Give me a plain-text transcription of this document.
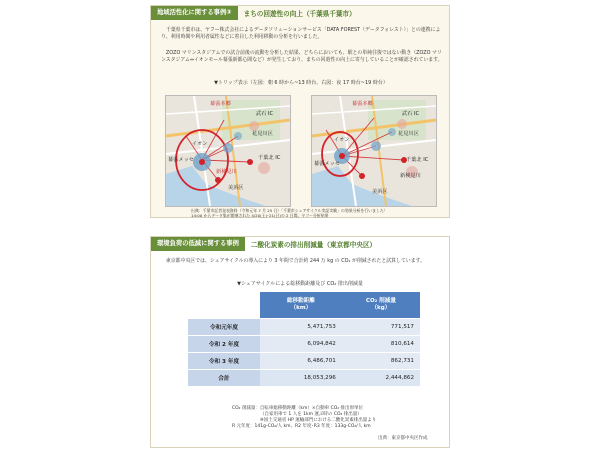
地域活性化に関する事例③	まちの回遊性の向上（千葉県千葉市）

千葉県千葉市は、ヤフー株式会社によるデータソリューションサービス「DATA FOREST（データフォレスト）」との連携により、利用時間や利用者属性などに着目した利用移動の分析を行いました。

ZOZO マリンスタジアムでの試合前後の流動を分析した結果、どちらにおいても、駅との単純往復ではない動き（ZOZO マリンスタジアム⇔イオンモール幕張新都心間など）が発生しており、まちの回遊性の向上に寄与していることが確認されています。

▼トリップ表示（左図：朝 6 時から~13 時台、右図：夜 17 時台~19 時台）
幕張本郷
武石 IC
花見川区
イオン
幕張メッセ	千葉北 IC
新検見川
美浜区
幕張本郷
武石 IC
花見川区
イオン
幕張メッセ
千葉北 IC
新検見川
美浜区
出典：千葉市記者発表資料（令和元年 7 月 25 日）「千葉市シェアサイクル実証実験」の効果分析を行いました！
14:00 からデータ集が開催された 4/20(土)･21(日)の 2 日間、ヤフー分析結果
環境負荷の低減に関する事例	二酸化炭素の排出削減量（東京都中央区）

東京都中央区では、シェアサイクルの導入により 3 年間で合計約 244 万 kg の CO₂ が削減されたと試算しています。

▼シェアサイクルによる総移動距離及び CO₂ 排出削減量
	総移動距離
（km）	CO₂ 削減量
（kg）
令和元年度	5,471,753	771,517
令和 2 年度	6,094,842	810,614
令和 3 年度	6,486,701	862,731
合計	18,053,296	2,444,862
CO₂ 削減量：自転車総移動距離（km）×自動車 CO₂ 排出原単位
（自家用車で 1 人を 1km 運ぶ時の CO₂ 排出量）
※国土交通省 HP 運輸部門における二酸化炭素排出量より
R 元年度：141g-CO₂/人 km、R2 年度･R3 年度：133g-CO₂/人 km
出典：東京都中央区作成
